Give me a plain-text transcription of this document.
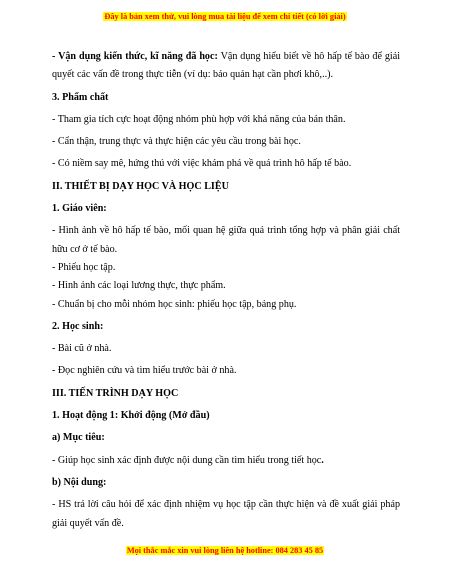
Đây là bản xem thử, vui lòng mua tài liệu để xem chi tiết (có lời giải)

- Vận dụng kiến thức, kĩ năng đã học: Vận dụng hiểu biết về hô hấp tế bào để giải quyết các vấn đề trong thực tiễn (ví dụ: bảo quản hạt cần phơi khô,..).

3. Phẩm chất

- Tham gia tích cực hoạt động nhóm phù hợp với khả năng của bản thân.

- Cẩn thận, trung thực và thực hiện các yêu cầu trong bài học.

- Có niềm say mê, hứng thú với việc khám phá về quá trình hô hấp tế bào.

II. THIẾT BỊ DẠY HỌC VÀ HỌC LIỆU

1. Giáo viên:

- Hình ảnh về hô hấp tế bào, mối quan hệ giữa quá trình tổng hợp và phân giải chất hữu cơ ở tế bào.

- Phiếu học tập.

- Hình ảnh các loại lương thực, thực phẩm.

- Chuẩn bị cho mỗi nhóm học sinh: phiếu học tập, bảng phụ.

2. Học sinh:

- Bài cũ ở nhà.

- Đọc nghiên cứu và tìm hiểu trước bài ở nhà.

III. TIẾN TRÌNH DẠY HỌC

1. Hoạt động 1: Khởi động (Mở đầu)

a) Mục tiêu:

- Giúp học sinh xác định được nội dung cần tìm hiểu trong tiết học.

b) Nội dung:

- HS trả lời câu hỏi để xác định nhiệm vụ học tập cần thực hiện và đề xuất giải pháp giải quyết vấn đề.

Mọi thắc mắc xin vui lòng liên hệ hotline: 084 283 45 85
